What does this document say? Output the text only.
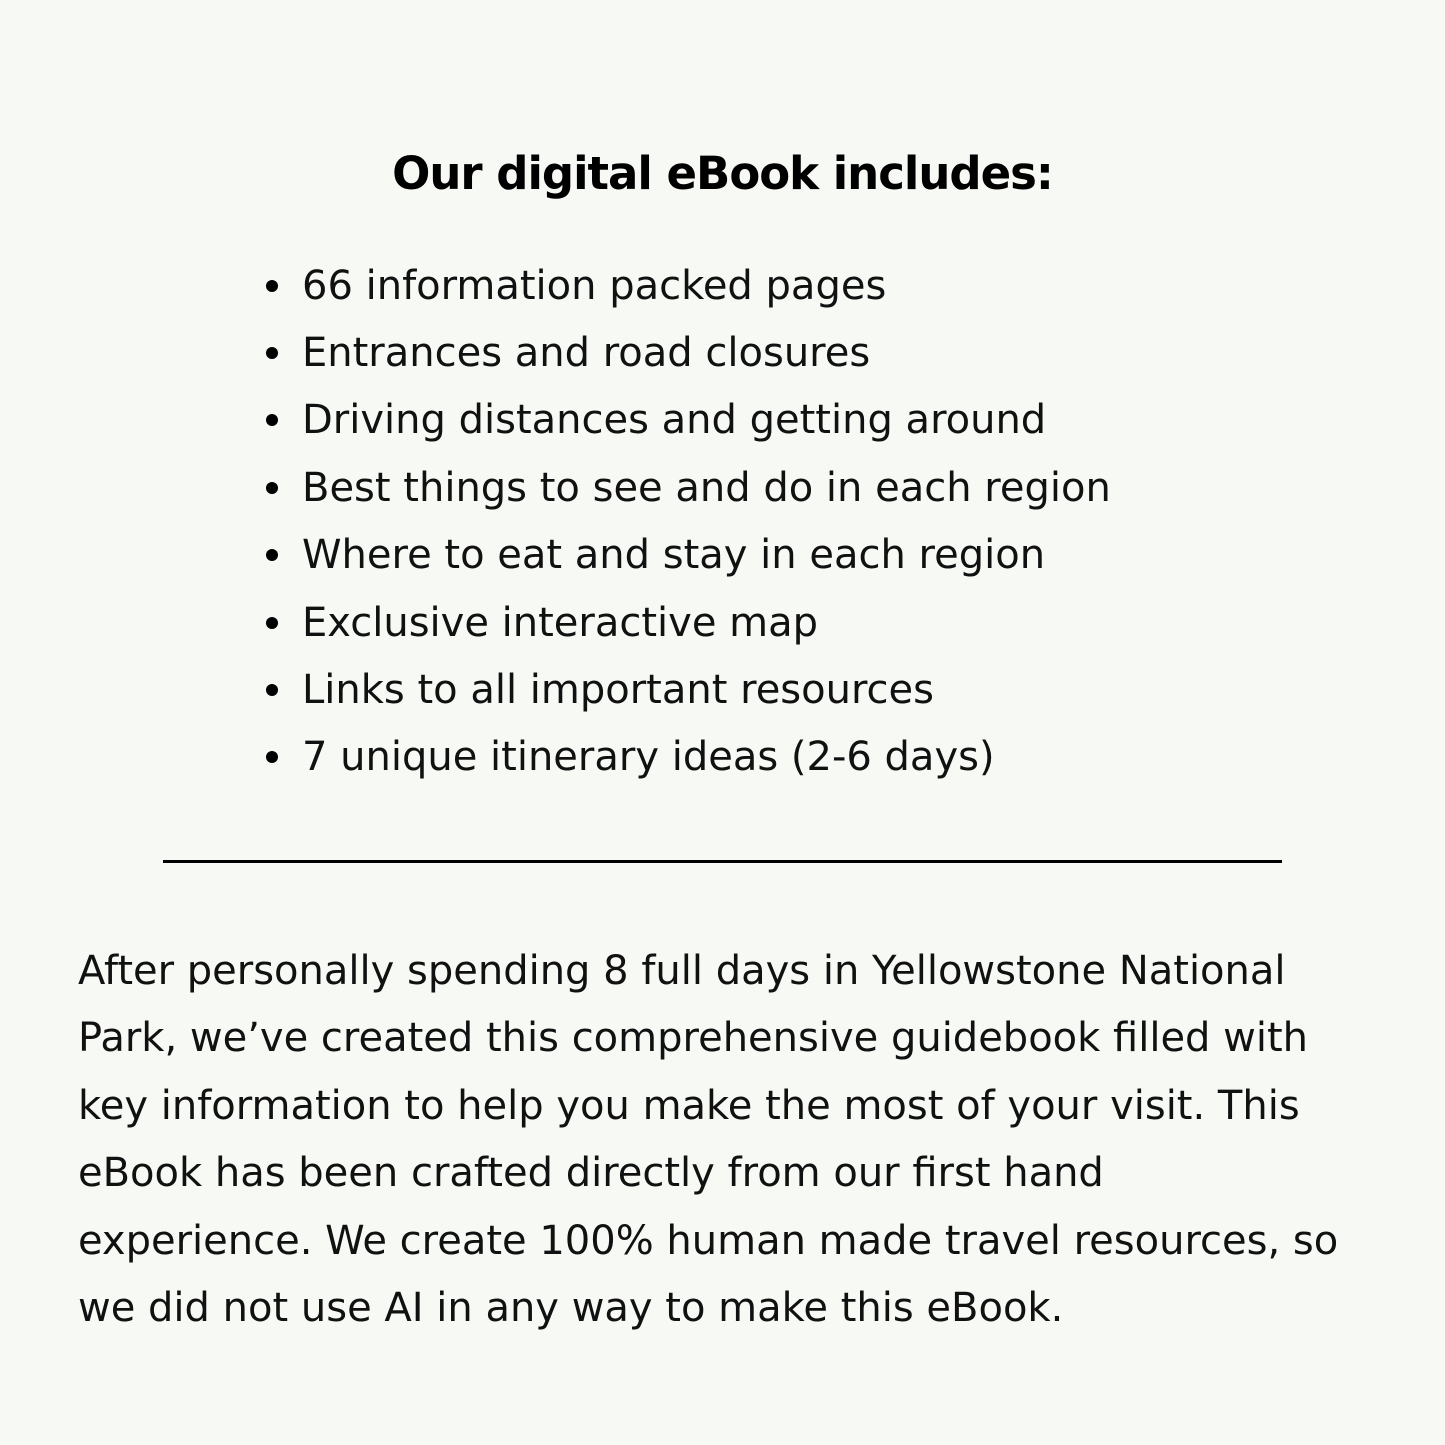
Our digital eBook includes:
66 information packed pages
Entrances and road closures
Driving distances and getting around
Best things to see and do in each region
Where to eat and stay in each region
Exclusive interactive map
Links to all important resources
7 unique itinerary ideas (2-6 days)

After personally spending 8 full days in Yellowstone National
Park, we’ve created this comprehensive guidebook filled with
key information to help you make the most of your visit. This
eBook has been crafted directly from our first hand
experience. We create 100% human made travel resources, so
we did not use AI in any way to make this eBook.
